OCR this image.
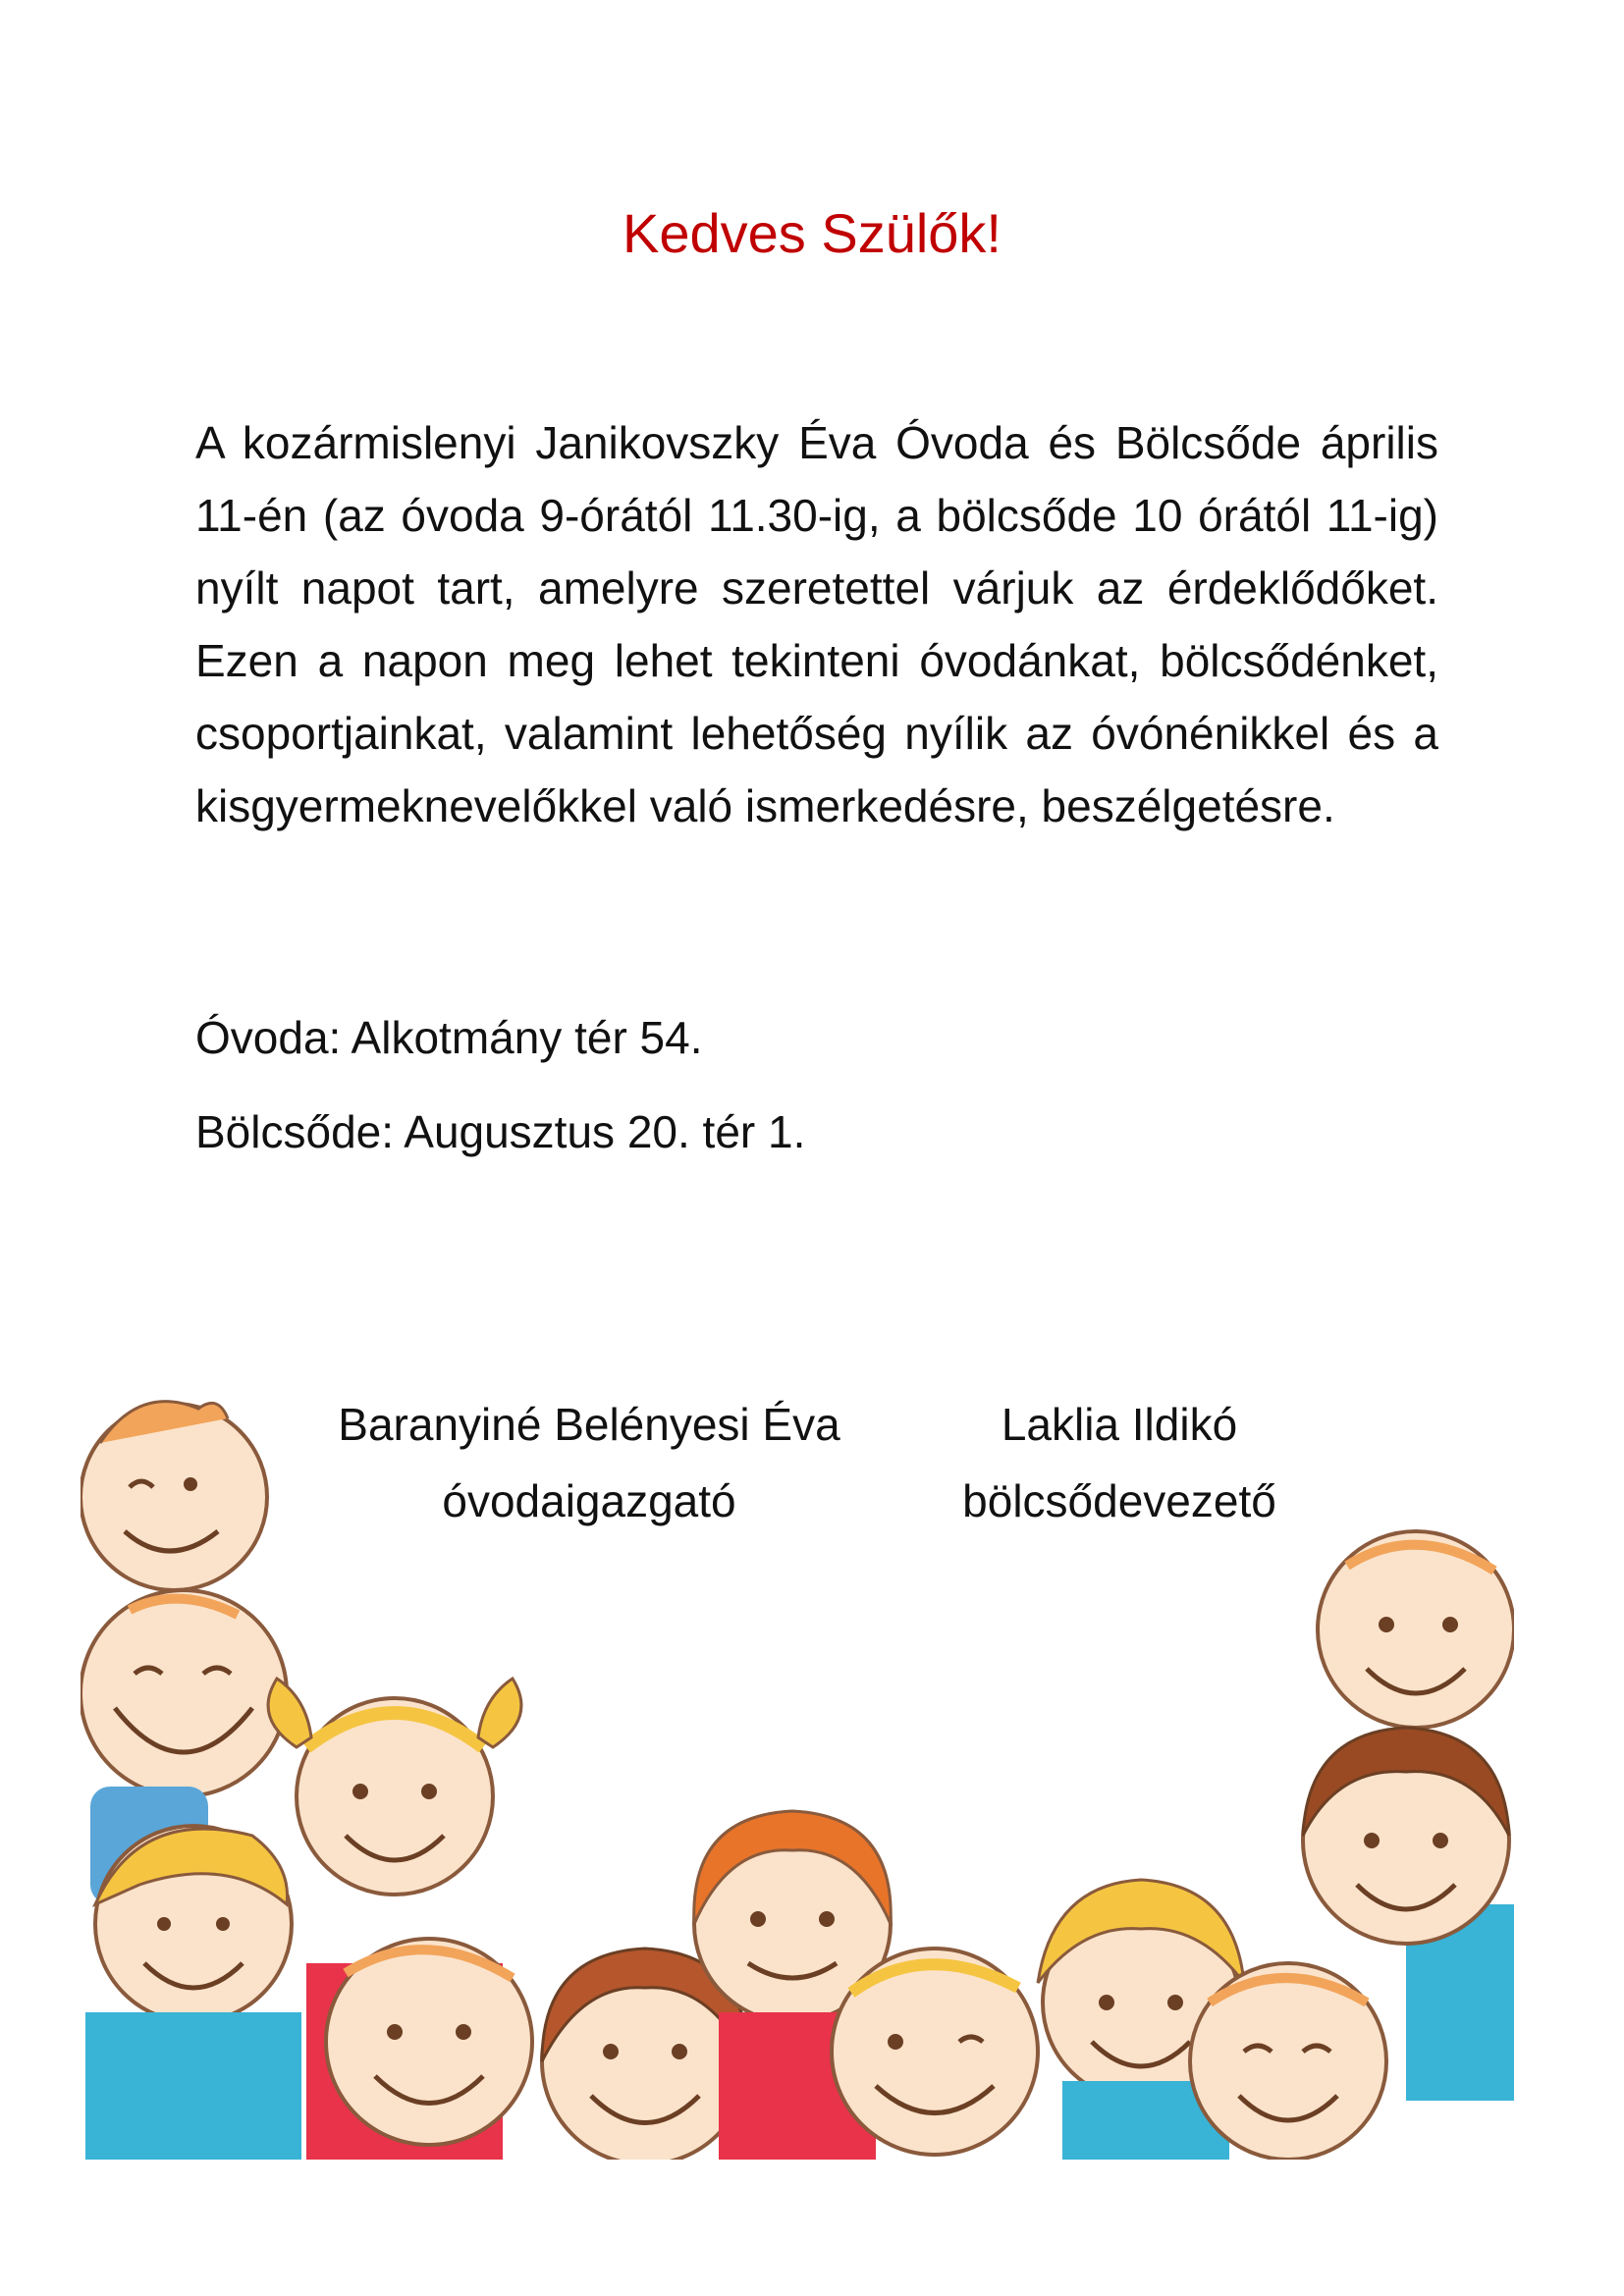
Kedves Szülők!
A kozármislenyi Janikovszky Éva Óvoda és Bölcsőde április 11-én (az óvoda 9-órától 11.30-ig, a bölcsőde 10 órától 11-ig) nyílt napot tart, amelyre szeretettel várjuk az érdeklődőket. Ezen a napon meg lehet tekinteni óvodánkat, bölcsődénket, csoportjainkat, valamint lehetőség nyílik az óvónénikkel és a kisgyermeknevelőkkel való ismerkedésre, beszélgetésre.
Óvoda: Alkotmány tér 54.
Bölcsőde: Augusztus 20. tér 1.
Baranyiné Belényesi Éva
óvodaigazgató
Laklia Ildikó
bölcsődevezető
